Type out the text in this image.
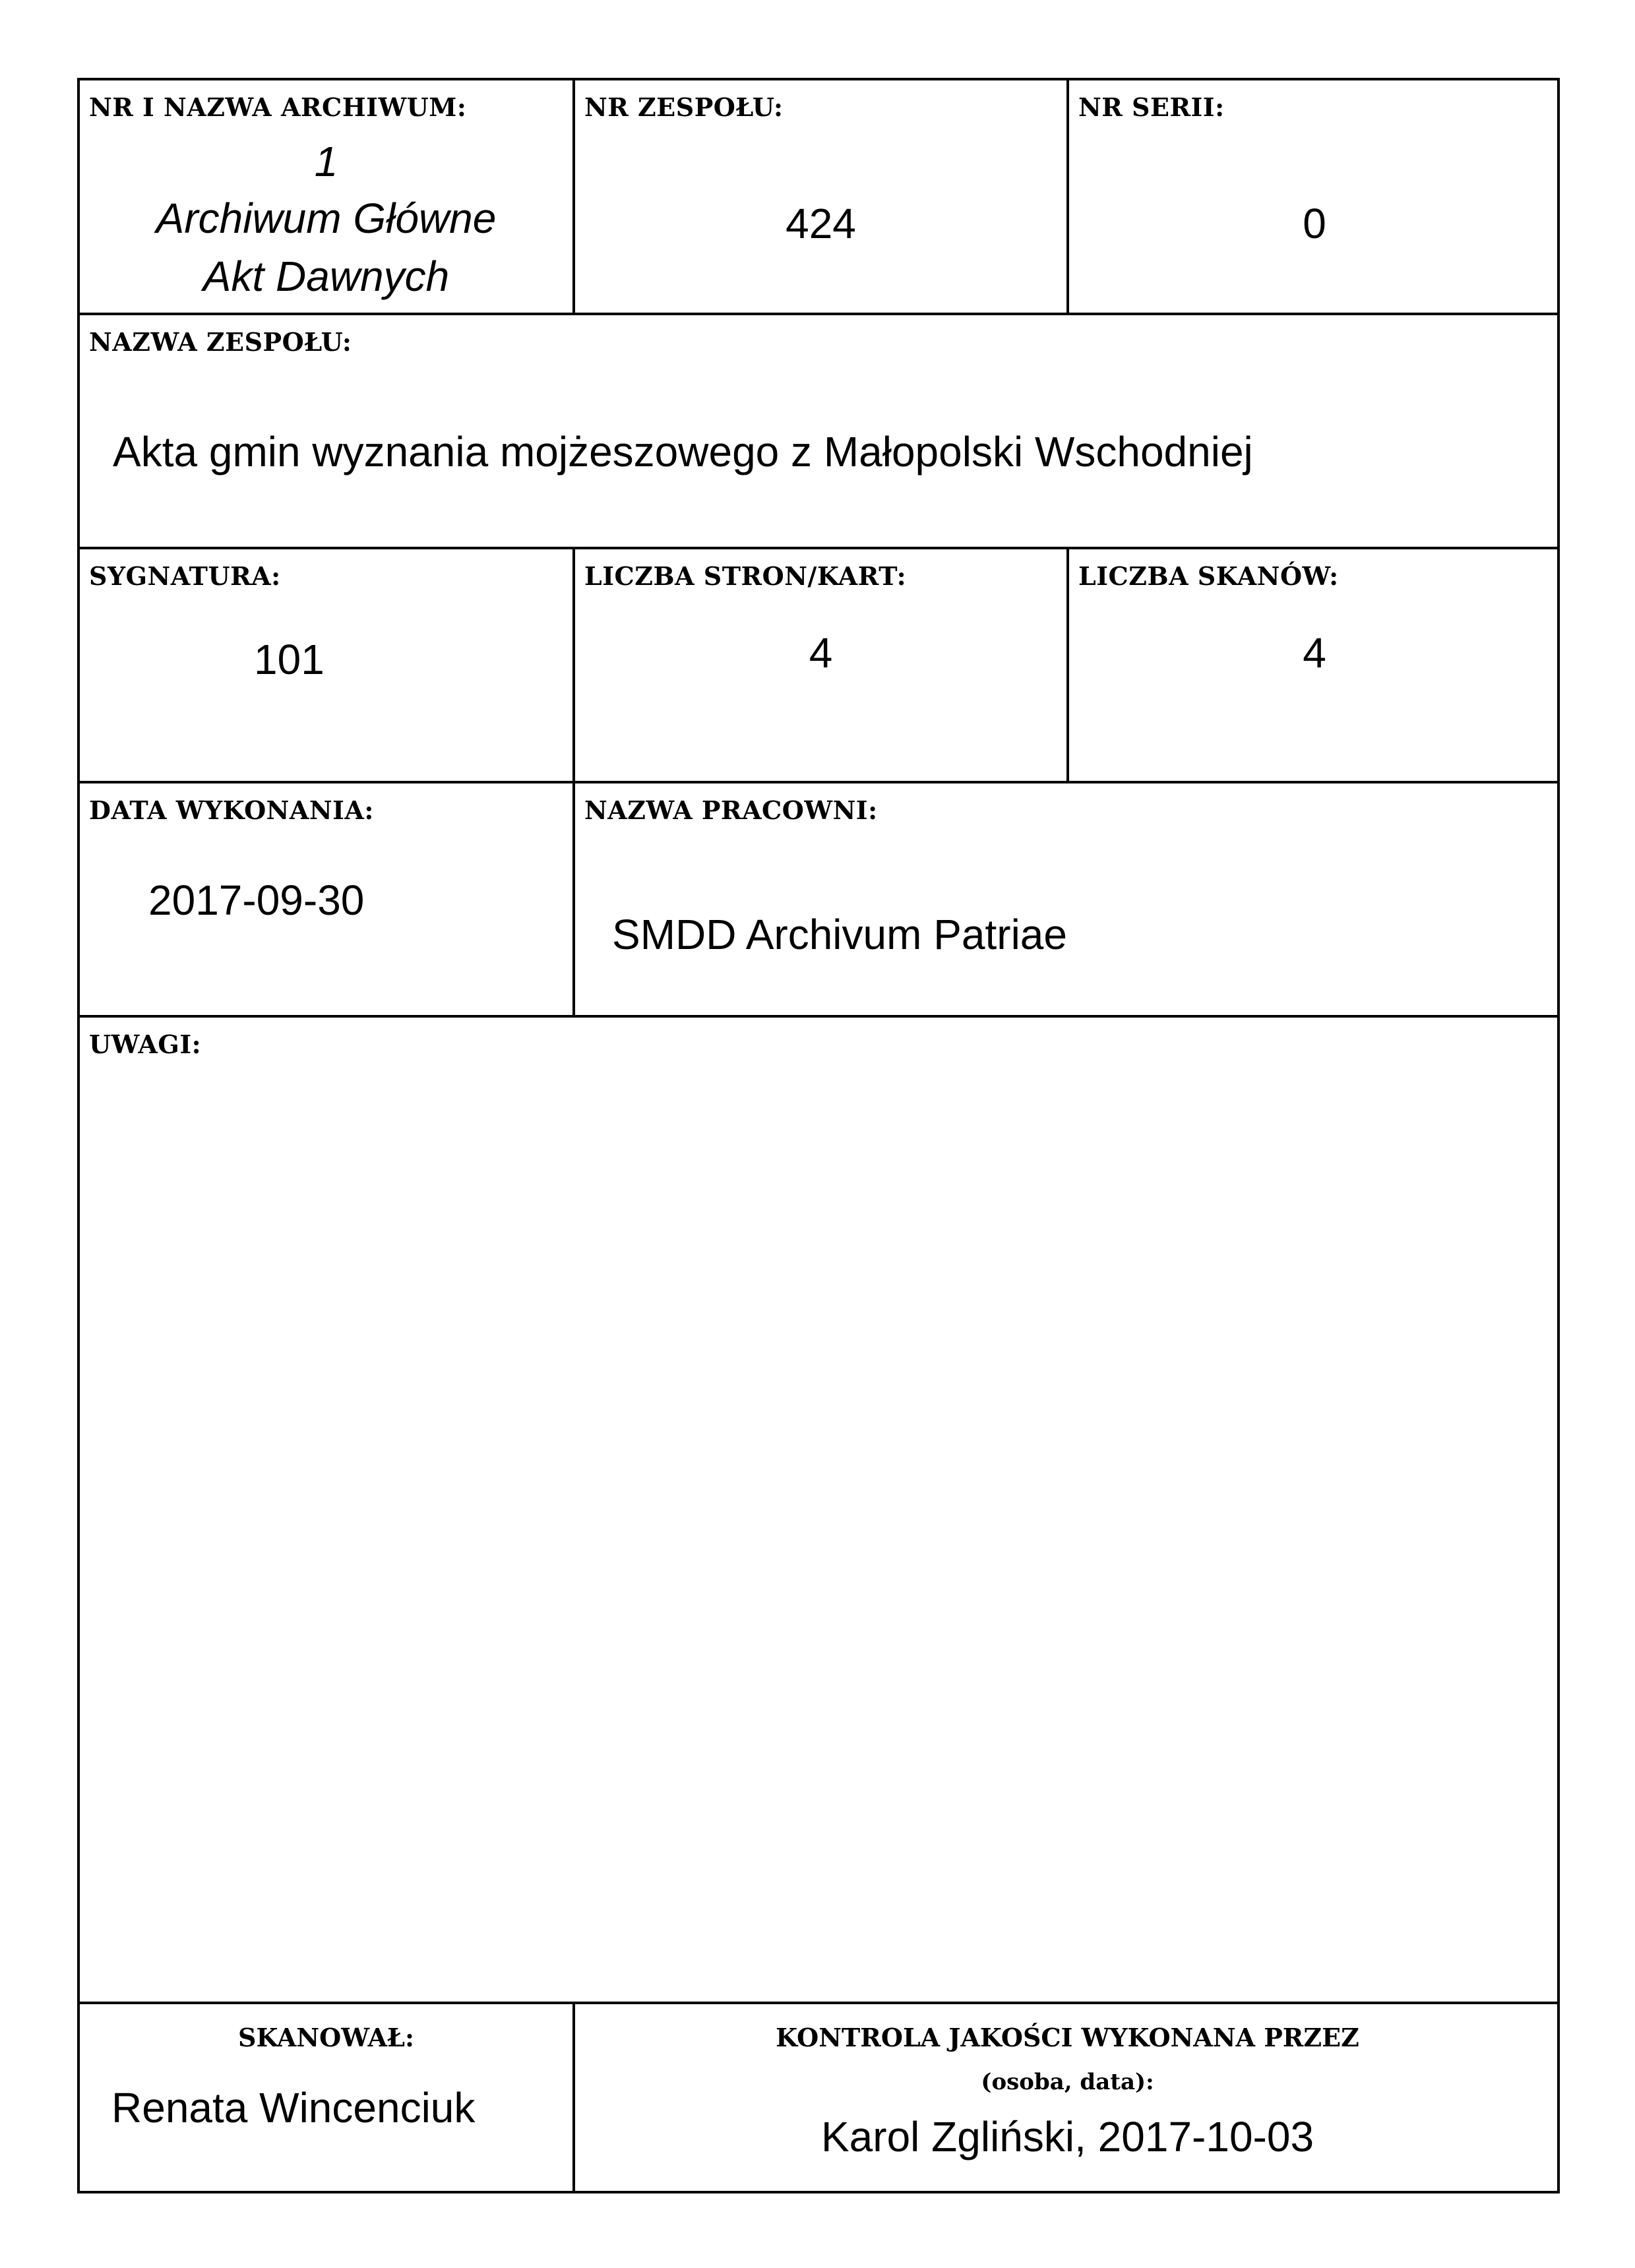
NR I NAZWA ARCHIWUM:
1
Archiwum Główne
Akt Dawnych
NR ZESPOŁU:
424
NR SERII:
0
NAZWA ZESPOŁU:
Akta gmin wyznania mojżeszowego z Małopolski Wschodniej
SYGNATURA:
101
LICZBA STRON/KART:
4
LICZBA SKANÓW:
4
DATA WYKONANIA:
2017-09-30
NAZWA PRACOWNI:
SMDD Archivum Patriae
UWAGI:
SKANOWAŁ:
Renata Wincenciuk
KONTROLA JAKOŚCI WYKONANA PRZEZ
(osoba, data):
Karol Zgliński, 2017-10-03
